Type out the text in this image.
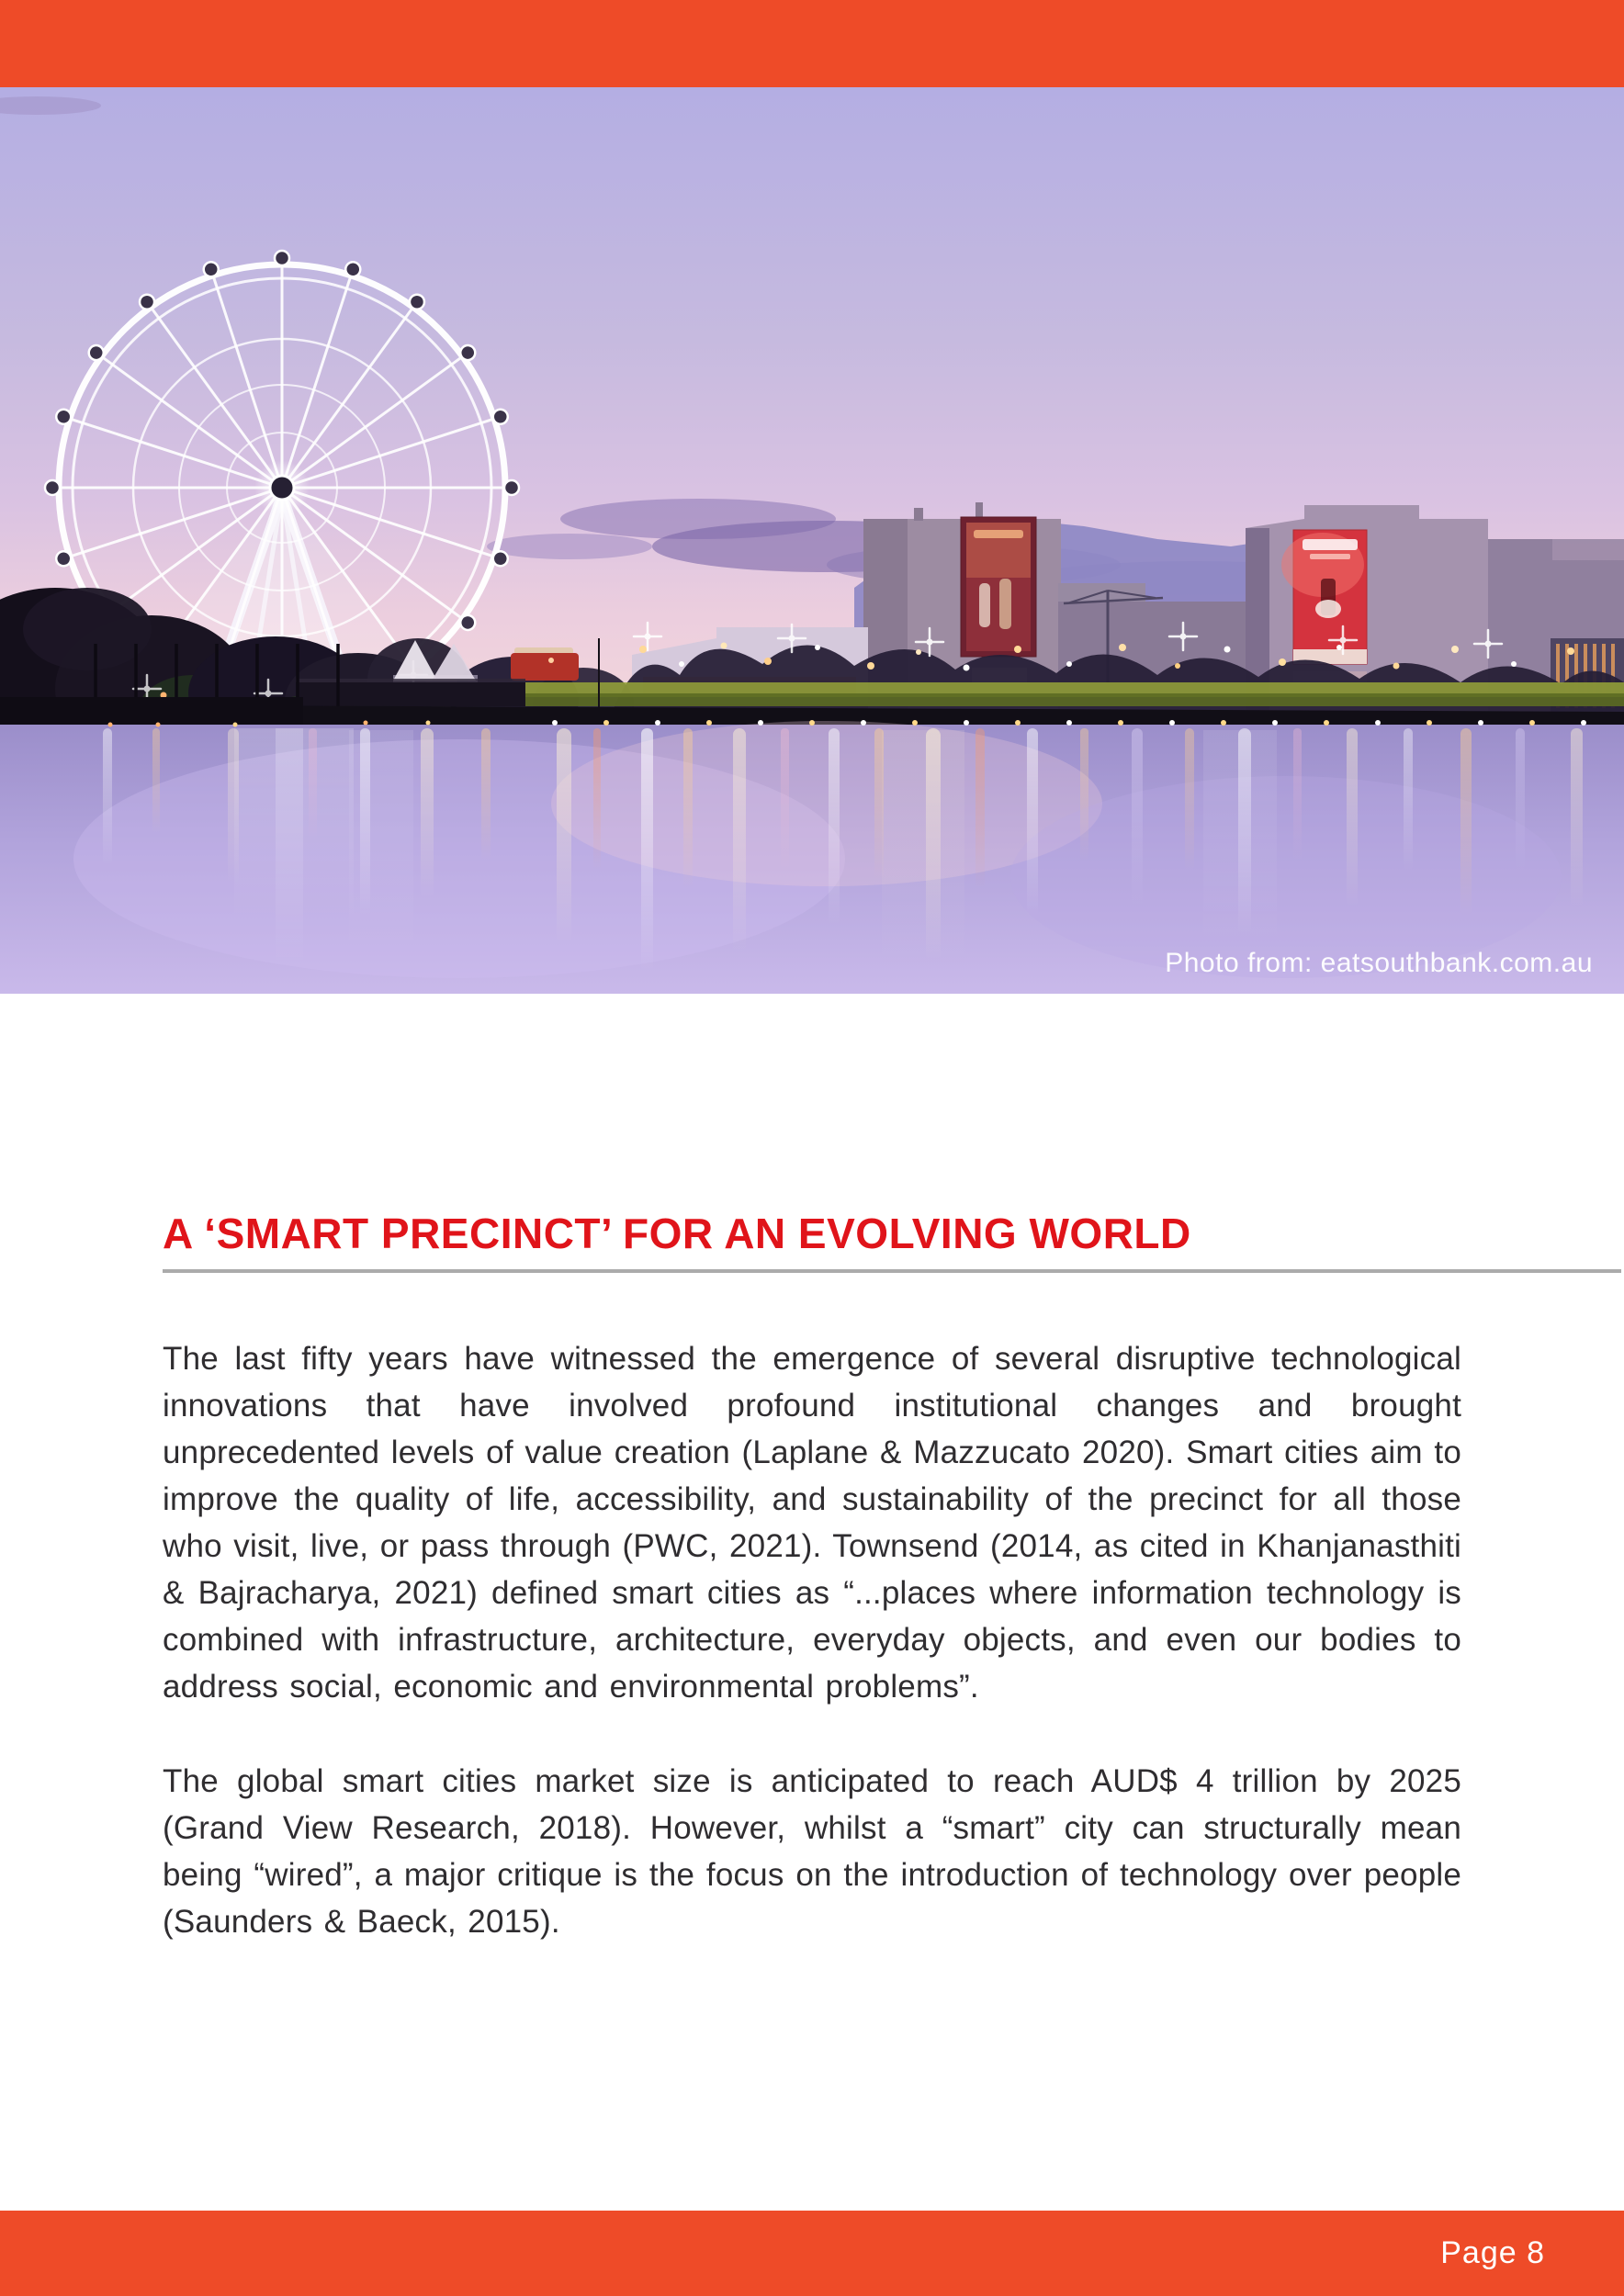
Photo from: eatsouthbank.com.au
A ‘SMART PRECINCT’ FOR AN EVOLVING WORLD

The last fifty years have witnessed the emergence of several disruptive technological innovations that have involved profound institutional changes and brought unprecedented levels of value creation (Laplane & Mazzucato 2020). Smart cities aim to improve the quality of life, accessibility, and sustainability of the precinct for all those who visit, live, or pass through (PWC, 2021). Townsend (2014, as cited in Khanjanasthiti & Bajracharya, 2021) defined smart cities as “...places where information technology is combined with infrastructure, architecture, everyday objects, and even our bodies to address social, economic and environmental problems”.

The global smart cities market size is anticipated to reach AUD$ 4 trillion by 2025 (Grand View Research, 2018). However, whilst a “smart” city can structurally mean being “wired”, a major critique is the focus on the introduction of technology over people (Saunders & Baeck, 2015).

Page 8
